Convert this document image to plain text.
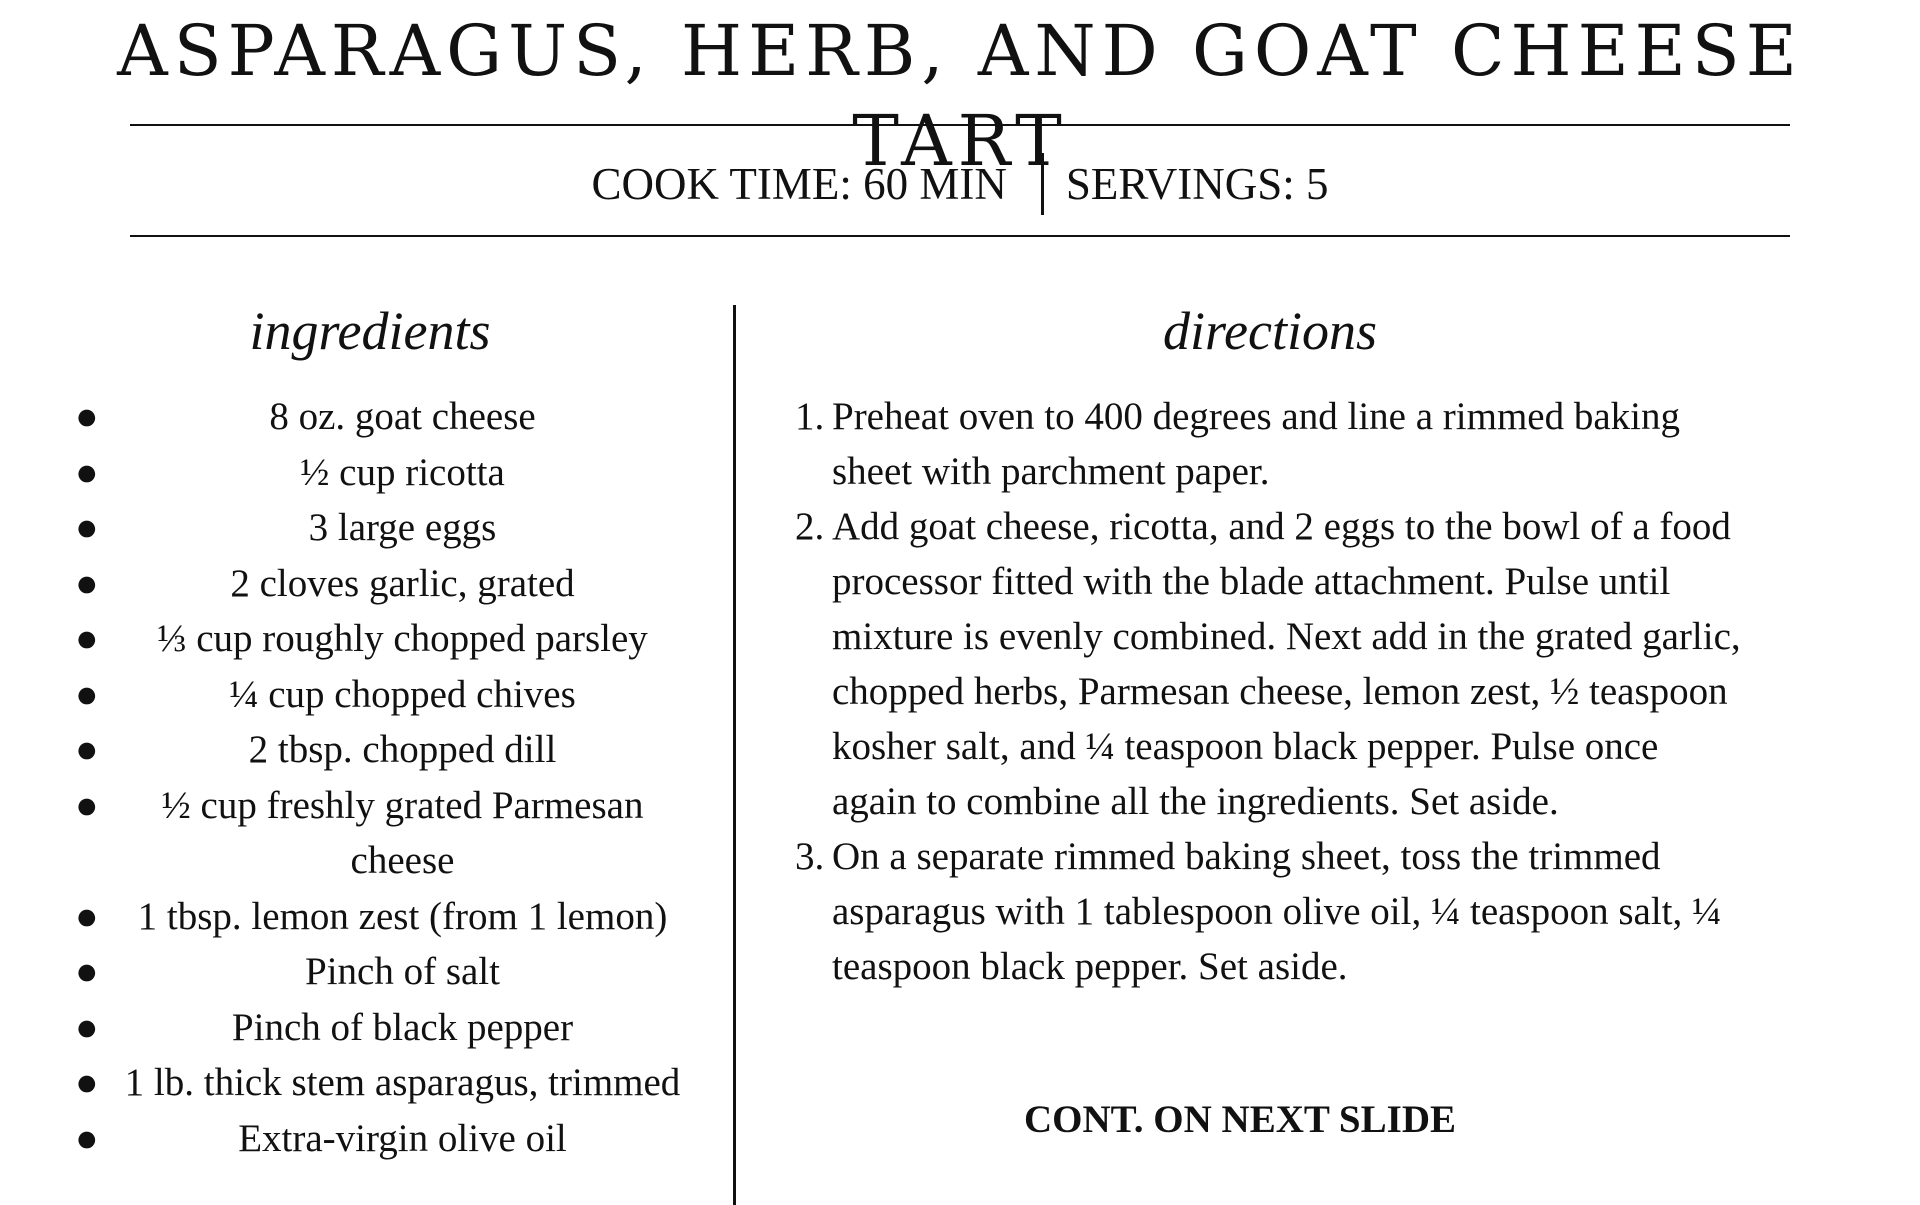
ASPARAGUS, HERB, AND GOAT CHEESE TART
COOK TIME: 60 MIN SERVINGS: 5
ingredients
●	8 oz. goat cheese
●	½ cup ricotta
●	3 large eggs
●	2 cloves garlic, grated
● ⅓ cup roughly chopped parsley
●	¼ cup chopped chives
●	2 tbsp. chopped dill
● ½ cup freshly grated Parmesan cheese
● 1 tbsp. lemon zest (from 1 lemon)
●	Pinch of salt
●	Pinch of black pepper
● 1 lb. thick stem asparagus, trimmed
●	Extra-virgin olive oil
directions
1. Preheat oven to 400 degrees and line a rimmed baking sheet with parchment paper.
2. Add goat cheese, ricotta, and 2 eggs to the bowl of a food processor fitted with the blade attachment. Pulse until mixture is evenly combined. Next add in the grated garlic, chopped herbs, Parmesan cheese, lemon zest, ½ teaspoon kosher salt, and ¼ teaspoon black pepper. Pulse once again to combine all the ingredients. Set aside.
3. On a separate rimmed baking sheet, toss the trimmed asparagus with 1 tablespoon olive oil, ¼ teaspoon salt, ¼ teaspoon black pepper. Set aside.
CONT. ON NEXT SLIDE
